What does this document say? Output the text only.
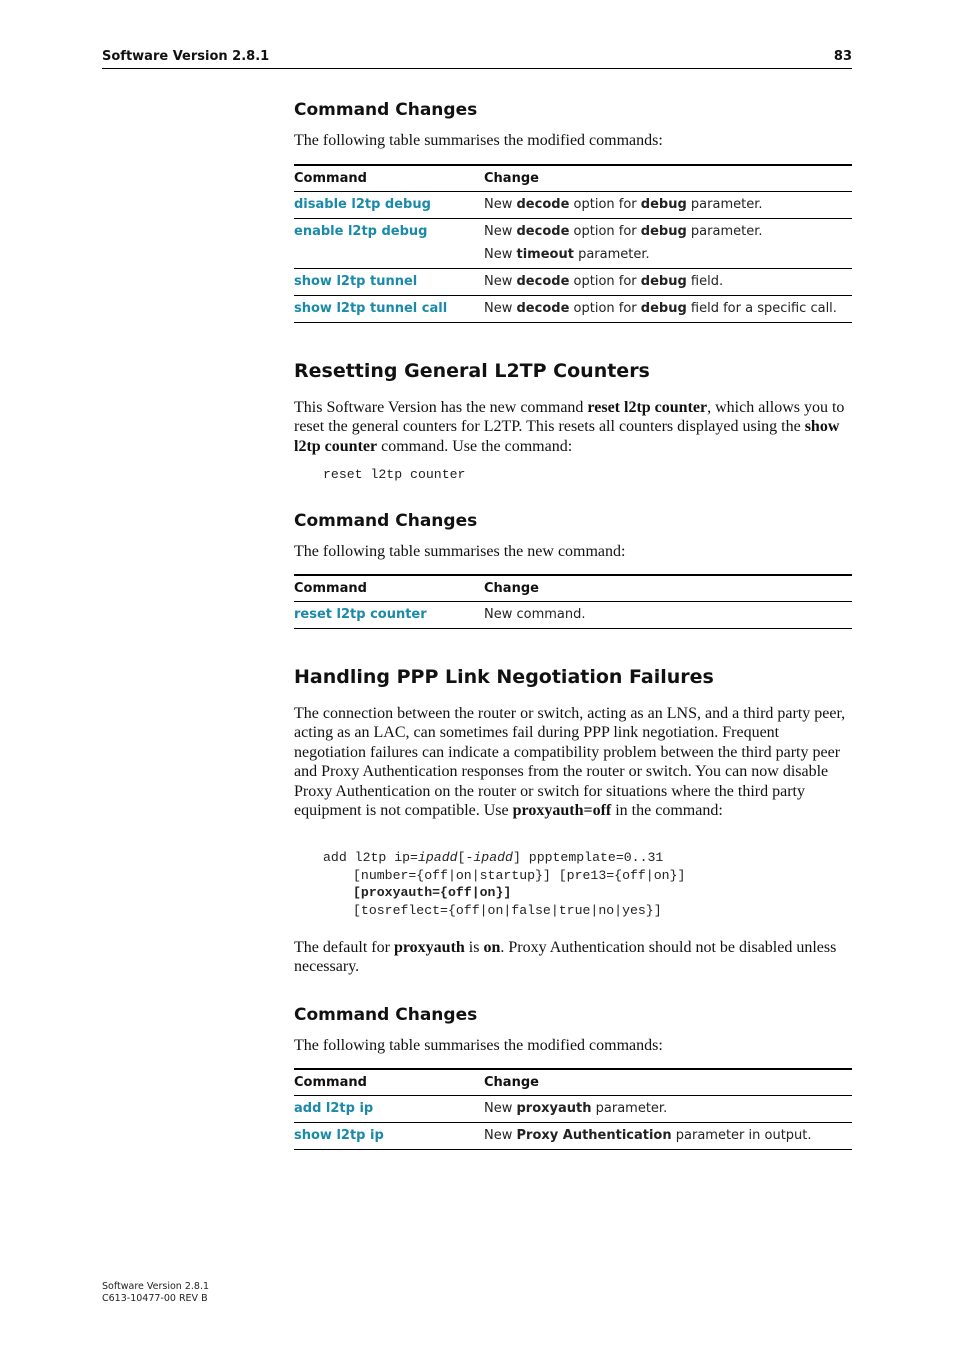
Software Version 2.8.1	83
Command Changes
The following table summarises the modified commands:
Command	Change
disable l2tp debug	New decode option for debug parameter.

enable l2tp debug	New decode option for debug parameter.
New timeout parameter.

show l2tp tunnel	New decode option for debug field.

show l2tp tunnel call	New decode option for debug field for a specific call.
Resetting General L2TP Counters
This Software Version has the new command reset l2tp counter, which allows you to reset the general counters for L2TP. This resets all counters displayed using the show l2tp counter command. Use the command:
reset l2tp counter
Command Changes
The following table summarises the new command:
Command	Change
reset l2tp counter	New command.
Handling PPP Link Negotiation Failures
The connection between the router or switch, acting as an LNS, and a third party peer, acting as an LAC, can sometimes fail during PPP link negotiation. Frequent negotiation failures can indicate a compatibility problem between the third party peer and Proxy Authentication responses from the router or switch. You can now disable Proxy Authentication on the router or switch for situations where the third party equipment is not compatible. Use proxyauth=off in the command:
add l2tp ip=ipadd[-ipadd] ppptemplate=0..31

[number={off|on|startup}] [pre13={off|on}]
[proxyauth={off|on}]
[tosreflect={off|on|false|true|no|yes}]
The default for proxyauth is on. Proxy Authentication should not be disabled unless necessary.
Command Changes
The following table summarises the modified commands:
Command	Change
add l2tp ip	New proxyauth parameter.

show l2tp ip	New Proxy Authentication parameter in output.
Software Version 2.8.1
C613-10477-00 REV B
